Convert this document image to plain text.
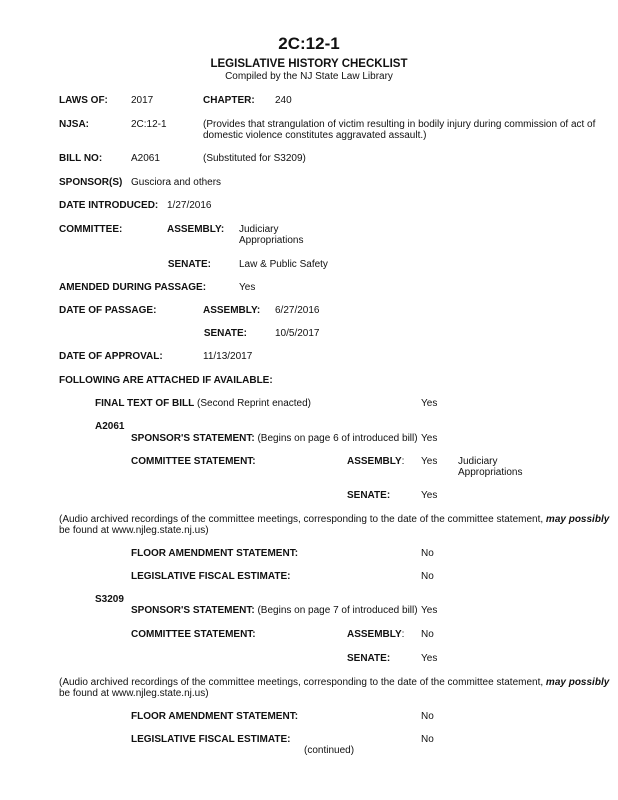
2C:12-1
LEGISLATIVE HISTORY CHECKLIST
Compiled by the NJ State Law Library
LAWS OF: 2017	CHAPTER: 240
NJSA:	2C:12-1	(Provides that strangulation of victim resulting in bodily injury during commission of act of
domestic violence constitutes aggravated assault.)
BILL NO:	A2061	(Substituted for S3209)
SPONSOR(S) Gusciora and others
DATE INTRODUCED: 1/27/2016
COMMITTEE:	ASSEMBLY: Judiciary
Appropriations
SENATE:	Law & Public Safety
AMENDED DURING PASSAGE:	Yes
DATE OF PASSAGE:	ASSEMBLY: 6/27/2016
SENATE:	10/5/2017
DATE OF APPROVAL:	11/13/2017
FOLLOWING ARE ATTACHED IF AVAILABLE:
FINAL TEXT OF BILL (Second Reprint enacted)	Yes
A2061
SPONSOR'S STATEMENT: (Begins on page 6 of introduced bill) Yes
COMMITTEE STATEMENT:	ASSEMBLY: Yes Judiciary
Appropriations
SENATE:	Yes
(Audio archived recordings of the committee meetings, corresponding to the date of the committee statement, may possibly
be found at www.njleg.state.nj.us)
FLOOR AMENDMENT STATEMENT:	No
LEGISLATIVE FISCAL ESTIMATE:	No
S3209
SPONSOR'S STATEMENT: (Begins on page 7 of introduced bill) Yes
COMMITTEE STATEMENT:	ASSEMBLY: No
SENATE:	Yes
(Audio archived recordings of the committee meetings, corresponding to the date of the committee statement, may possibly
be found at www.njleg.state.nj.us)
FLOOR AMENDMENT STATEMENT:	No
LEGISLATIVE FISCAL ESTIMATE:	No
(continued)
